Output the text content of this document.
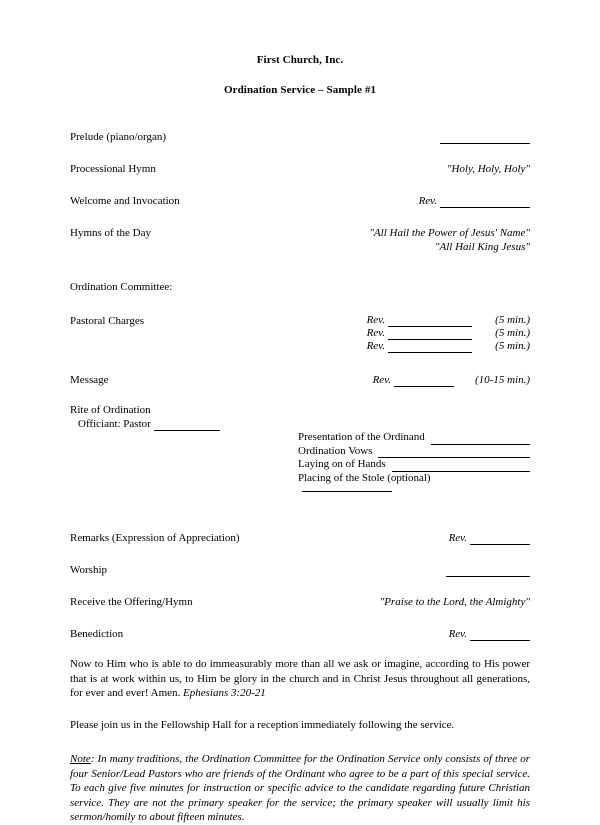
First Church, Inc.
Ordination Service – Sample #1
Prelude (piano/organ)
Processional Hymn	"Holy, Holy, Holy"
Welcome and Invocation	Rev.
Hymns of the Day	"All Hail the Power of Jesus' Name"
"All Hail King Jesus"
Ordination Committee:
Pastoral Charges	Rev.	(5 min.)
Rev.	(5 min.)
Rev.	(5 min.)
Message	Rev.	(10-15 min.)
Rite of Ordination
Officiant: Pastor
Presentation of the Ordinand
Ordination Vows
Laying on of Hands
Placing of the Stole (optional)
Remarks (Expression of Appreciation)	Rev.
Worship
Receive the Offering/Hymn	"Praise to the Lord, the Almighty"
Benediction	Rev.

Now to Him who is able to do immeasurably more than all we ask or imagine, according to His power that is at work within us, to Him be glory in the church and in Christ Jesus throughout all generations, for ever and ever! Amen. Ephesians 3:20-21

Please join us in the Fellowship Hall for a reception immediately following the service.

Note: In many traditions, the Ordination Committee for the Ordination Service only consists of three or four Senior/Lead Pastors who are friends of the Ordinant who agree to be a part of this special service. To each give five minutes for instruction or specific advice to the candidate regarding future Christian service. They are not the primary speaker for the service; the primary speaker will usually limit his sermon/homily to about fifteen minutes.
